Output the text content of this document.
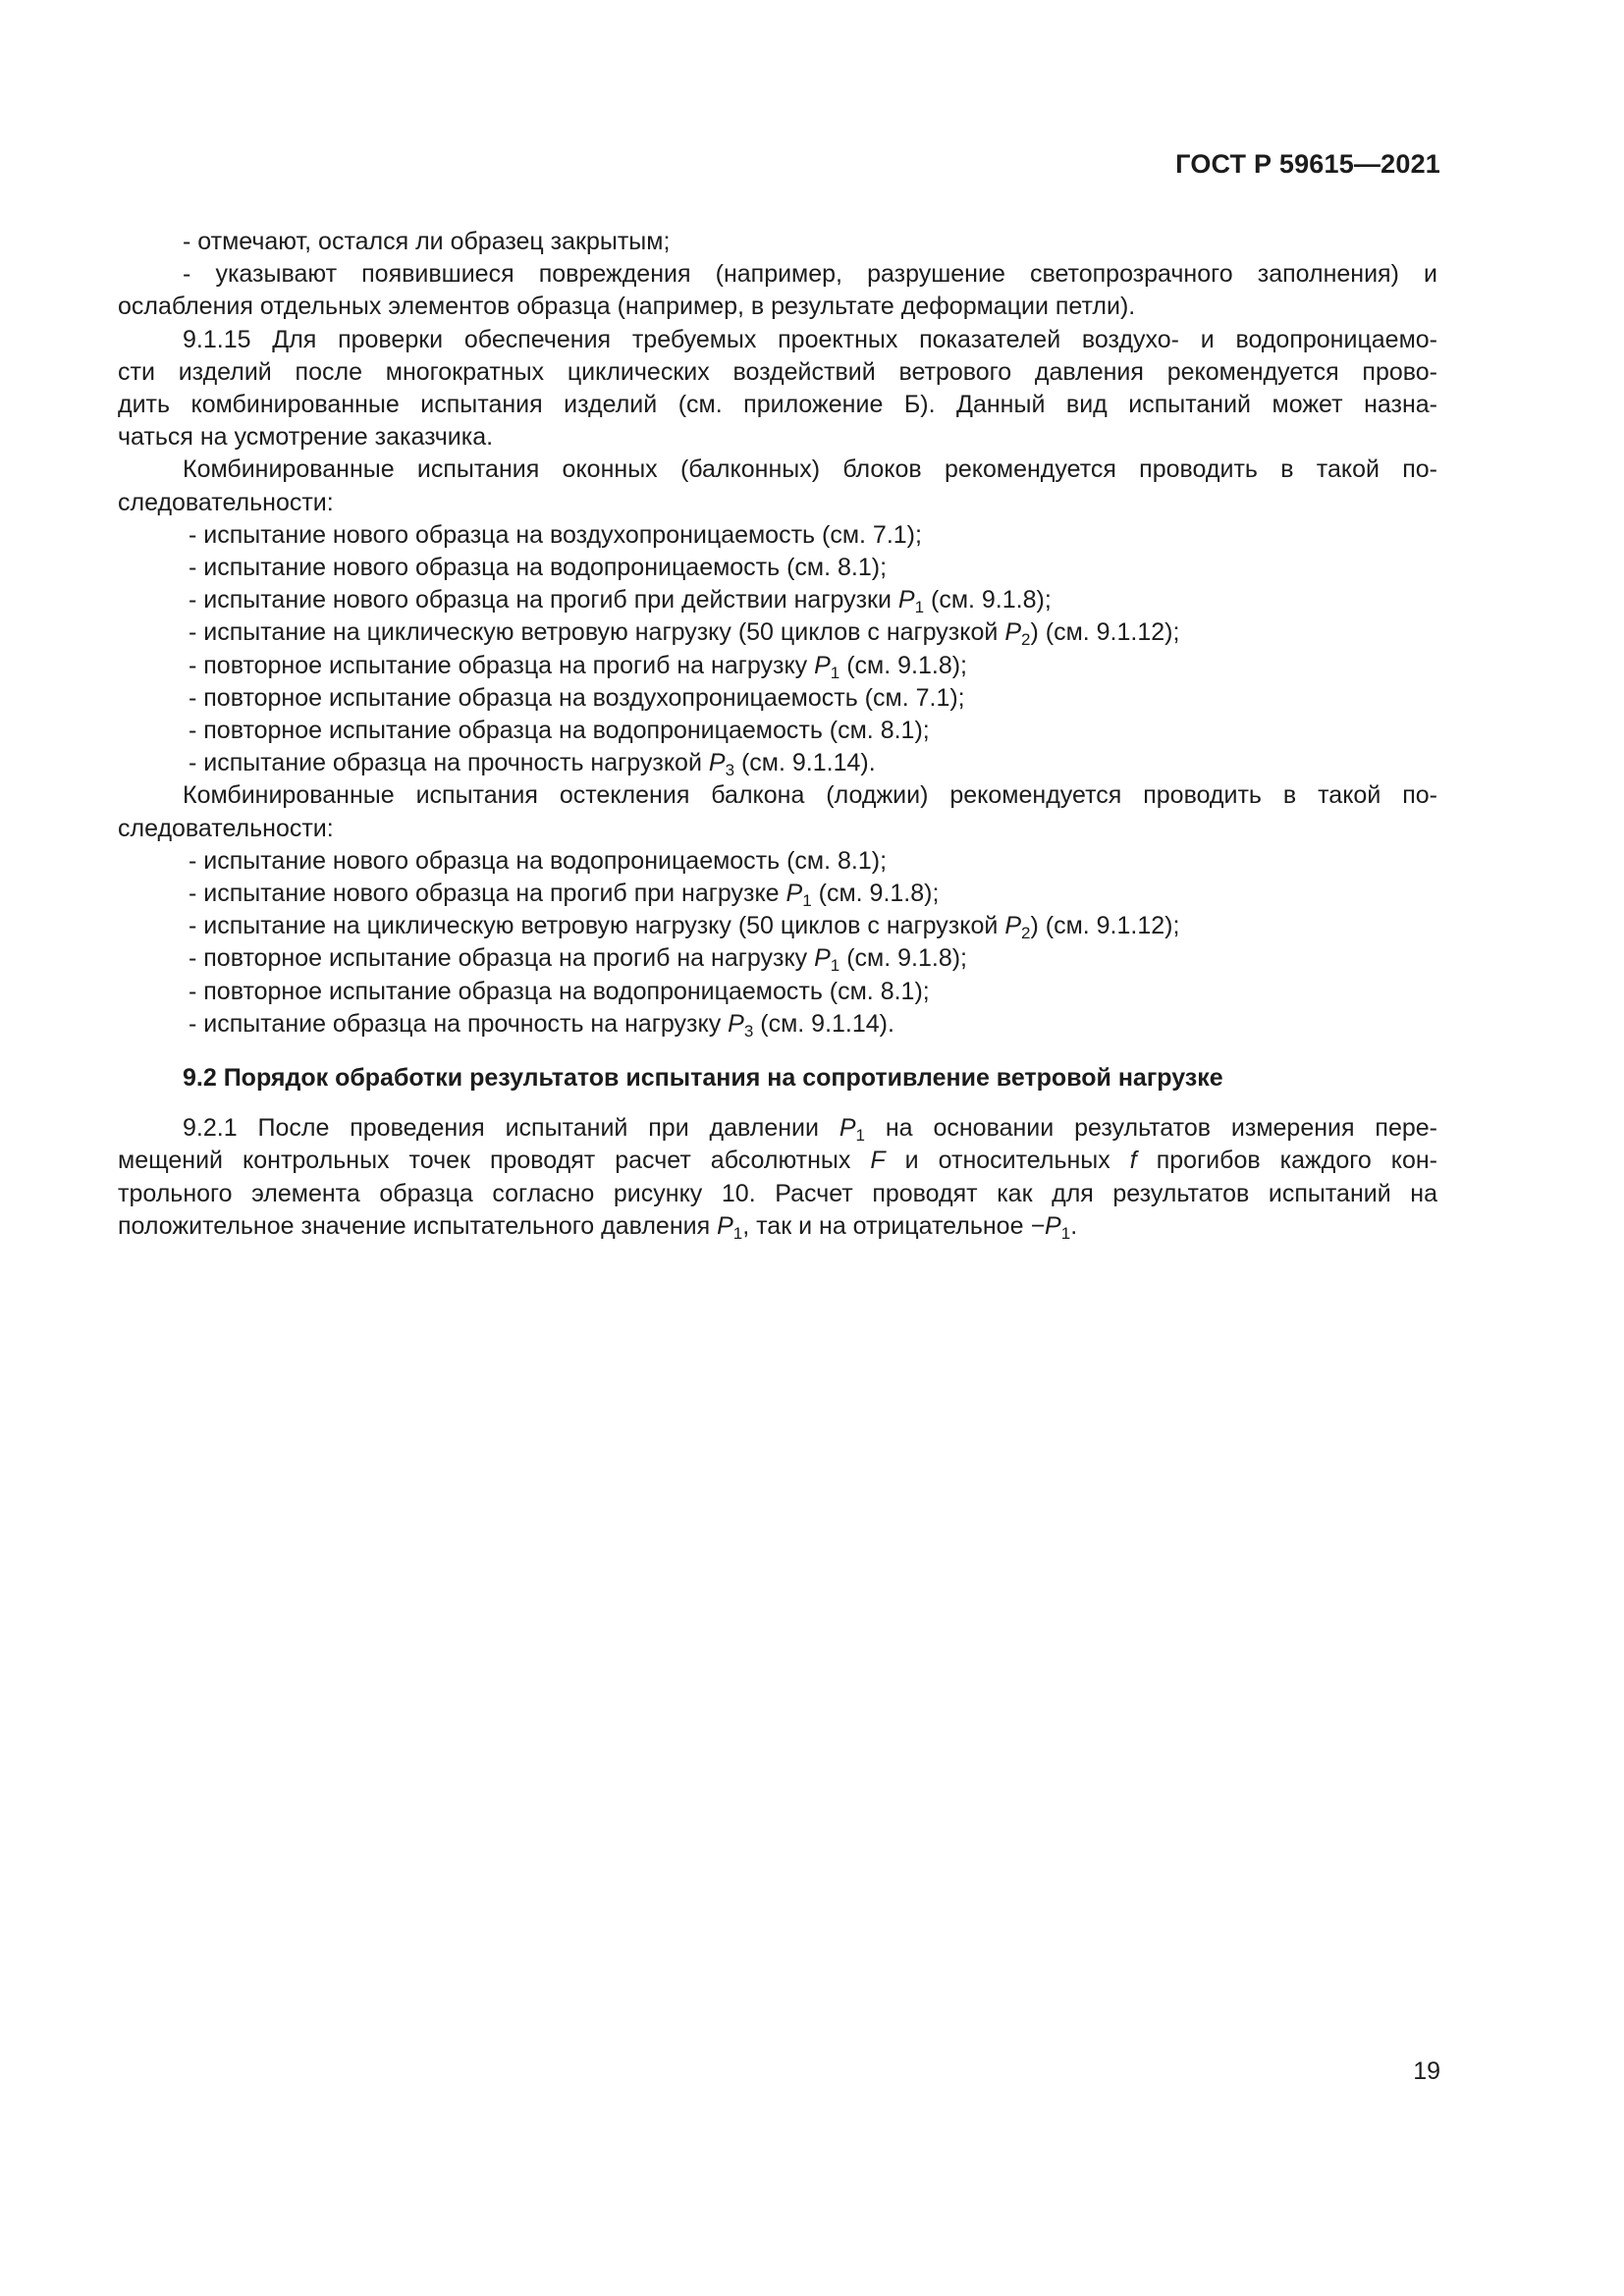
ГОСТ Р 59615—2021
- отмечают, остался ли образец закрытым;
- указывают появившиеся повреждения (например, разрушение светопрозрачного заполнения) и
ослабления отдельных элементов образца (например, в результате деформации петли).
9.1.15 Для проверки обеспечения требуемых проектных показателей воздухо- и водопроницаемо-
сти изделий после многократных циклических воздействий ветрового давления рекомендуется прово-
дить комбинированные испытания изделий (см. приложение Б). Данный вид испытаний может назна-
чаться на усмотрение заказчика.
Комбинированные испытания оконных (балконных) блоков рекомендуется проводить в такой по-
следовательности:
- испытание нового образца на воздухопроницаемость (см. 7.1);
- испытание нового образца на водопроницаемость (см. 8.1);
- испытание нового образца на прогиб при действии нагрузки $P_1$ (см. 9.1.8);
- испытание на циклическую ветровую нагрузку (50 циклов с нагрузкой $P_2$) (см. 9.1.12);
- повторное испытание образца на прогиб на нагрузку $P_1$ (см. 9.1.8);
- повторное испытание образца на воздухопроницаемость (см. 7.1);
- повторное испытание образца на водопроницаемость (см. 8.1);
- испытание образца на прочность нагрузкой $P_3$ (см. 9.1.14).
Комбинированные испытания остекления балкона (лоджии) рекомендуется проводить в такой по-
следовательности:
- испытание нового образца на водопроницаемость (см. 8.1);
- испытание нового образца на прогиб при нагрузке $P_1$ (см. 9.1.8);
- испытание на циклическую ветровую нагрузку (50 циклов с нагрузкой $P_2$) (см. 9.1.12);
- повторное испытание образца на прогиб на нагрузку $P_1$ (см. 9.1.8);
- повторное испытание образца на водопроницаемость (см. 8.1);
- испытание образца на прочность на нагрузку $P_3$ (см. 9.1.14).
9.2 Порядок обработки результатов испытания на сопротивление ветровой нагрузке
9.2.1 После проведения испытаний при давлении $P_1$ на основании результатов измерения пере-
мещений контрольных точек проводят расчет абсолютных F и относительных f прогибов каждого кон-
трольного элемента образца согласно рисунку 10. Расчет проводят как для результатов испытаний на
положительное значение испытательного давления $P_1$, так и на отрицательное $-P_1$.
19
